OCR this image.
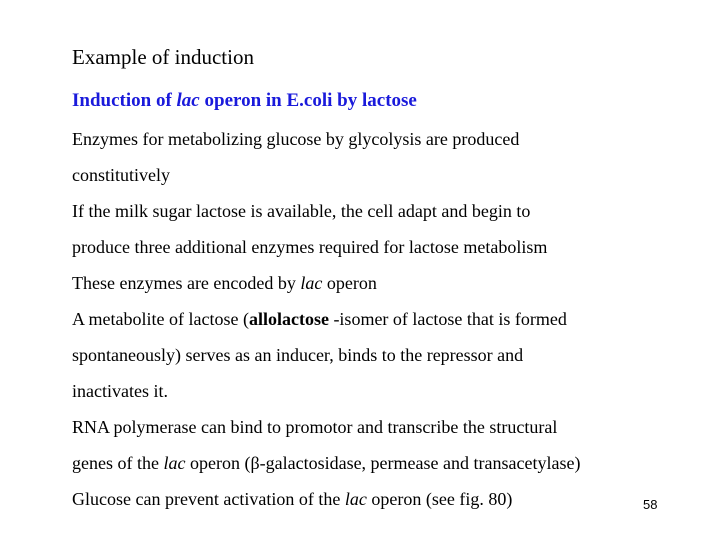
Example of induction
Induction of lac operon in E.coli by lactose
Enzymes for metabolizing glucose by glycolysis are produced
constitutively
If the milk sugar lactose is available, the cell adapt and begin to
produce three additional enzymes required for lactose metabolism
These enzymes are encoded by lac operon
A metabolite of lactose (allolactose -isomer of lactose that is formed
spontaneously) serves as an inducer, binds to the repressor and
inactivates it.
RNA polymerase can bind to promotor and transcribe the structural
genes of the lac operon (β-galactosidase, permease and transacetylase)
Glucose can prevent activation of the lac operon (see fig. 80)	58
